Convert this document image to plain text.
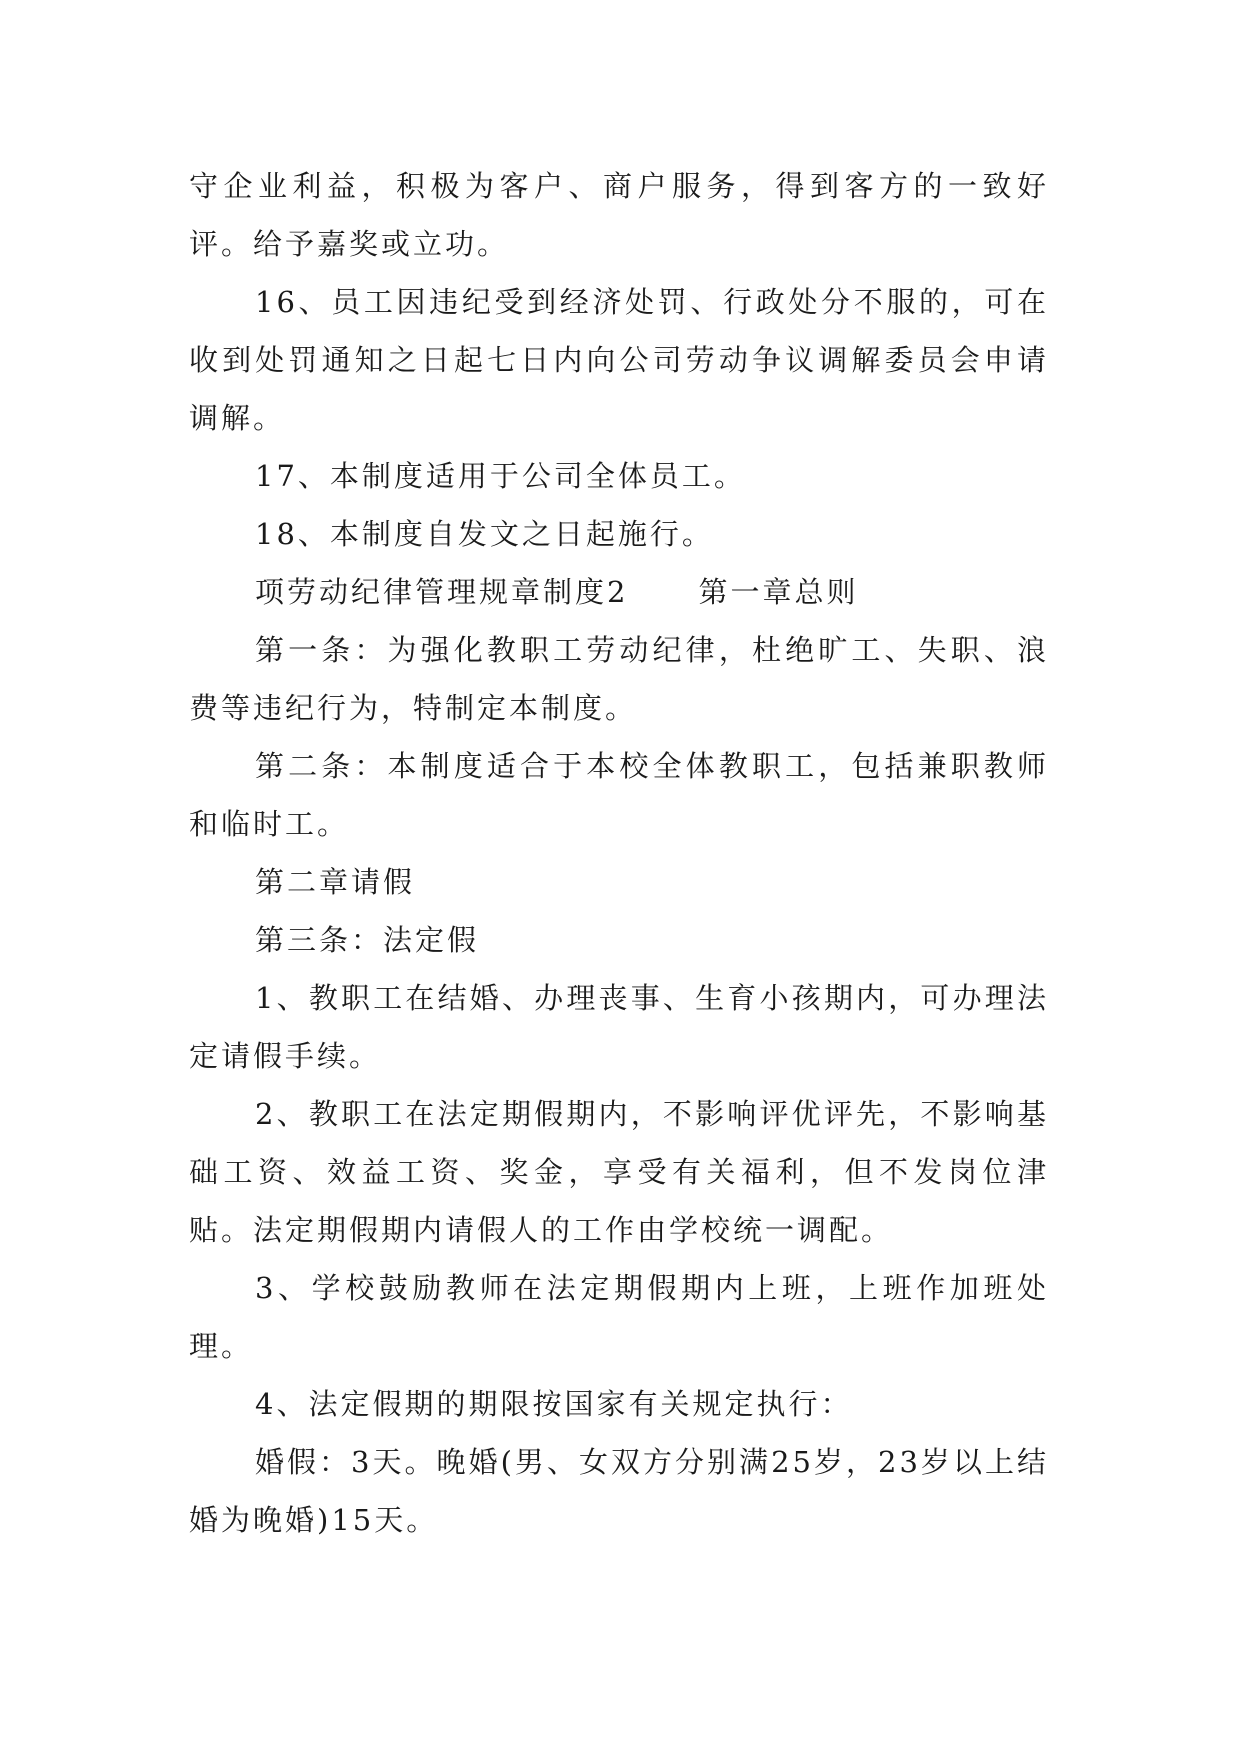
守企业利益，积极为客户、商户服务，得到客方的一致好评。给予嘉奖或立功。

16、员工因违纪受到经济处罚、行政处分不服的，可在收到处罚通知之日起七日内向公司劳动争议调解委员会申请调解。

17、本制度适用于公司全体员工。

18、本制度自发文之日起施行。

项劳动纪律管理规章制度2 第一章总则

第一条：为强化教职工劳动纪律，杜绝旷工、失职、浪费等违纪行为，特制定本制度。

第二条：本制度适合于本校全体教职工，包括兼职教师和临时工。

第二章请假

第三条：法定假

1、教职工在结婚、办理丧事、生育小孩期内，可办理法定请假手续。

2、教职工在法定期假期内，不影响评优评先，不影响基础工资、效益工资、奖金，享受有关福利，但不发岗位津贴。法定期假期内请假人的工作由学校统一调配。

3、学校鼓励教师在法定期假期内上班，上班作加班处理。

4、法定假期的期限按国家有关规定执行：

婚假：3天。晚婚(男、女双方分别满25岁，23岁以上结婚为晚婚)15天。
